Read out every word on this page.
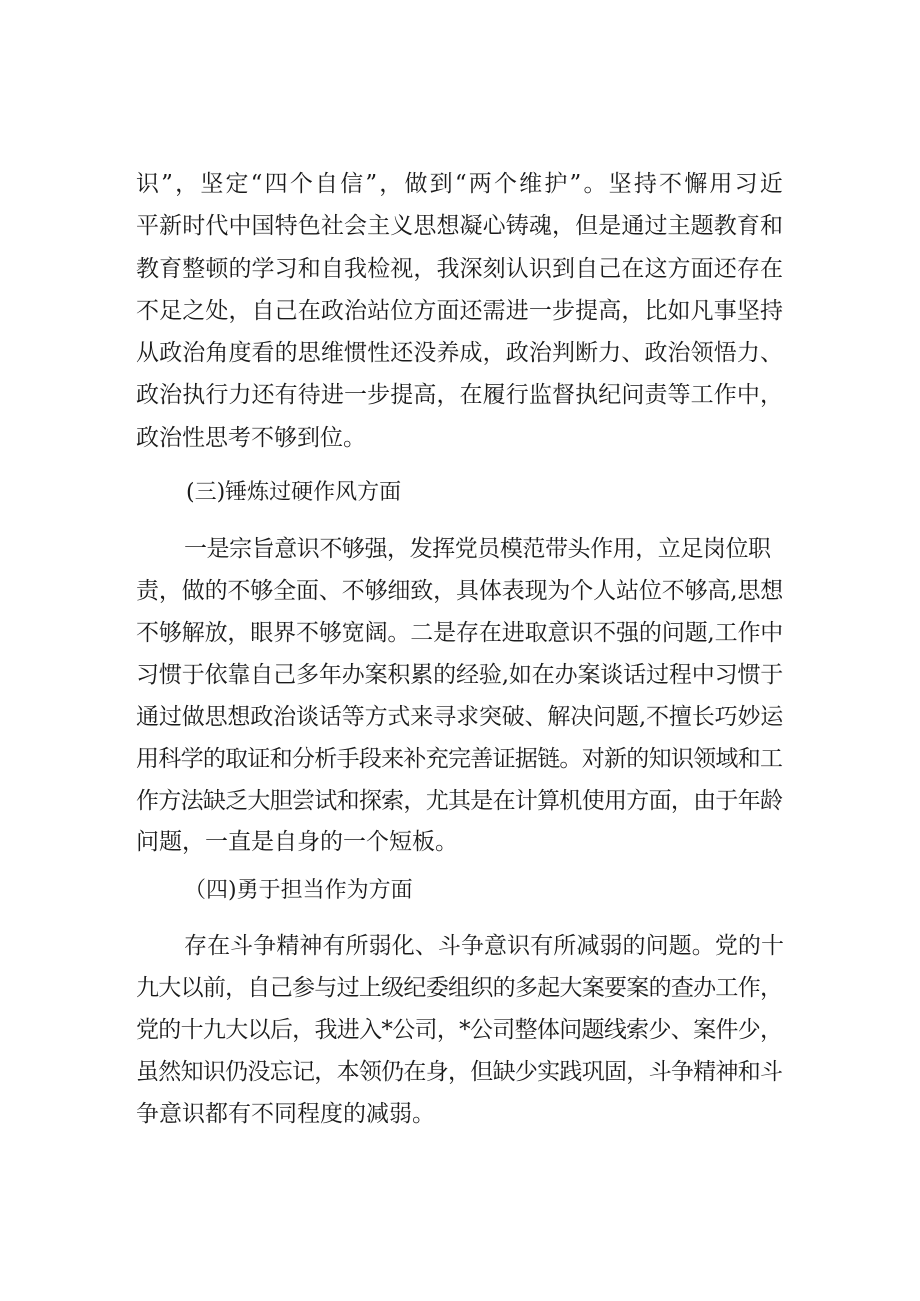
识”，坚定“四个自信”，做到“两个维护”。坚持不懈用习近
平新时代中国特色社会主义思想凝心铸魂，但是通过主题教育和
教育整顿的学习和自我检视，我深刻认识到自己在这方面还存在
不足之处，自己在政治站位方面还需进一步提高，比如凡事坚持
从政治角度看的思维惯性还没养成，政治判断力、政治领悟力、
政治执行力还有待进一步提高，在履行监督执纪问责等工作中，
政治性思考不够到位。
(三)锤炼过硬作风方面
一是宗旨意识不够强，发挥党员模范带头作用，立足岗位职
责，做的不够全面、不够细致，具体表现为个人站位不够高,思想
不够解放，眼界不够宽阔。二是存在进取意识不强的问题,工作中
习惯于依靠自己多年办案积累的经验,如在办案谈话过程中习惯于
通过做思想政治谈话等方式来寻求突破、解决问题,不擅长巧妙运
用科学的取证和分析手段来补充完善证据链。对新的知识领域和工
作方法缺乏大胆尝试和探索，尤其是在计算机使用方面，由于年龄
问题，一直是自身的一个短板。
（四)勇于担当作为方面
存在斗争精神有所弱化、斗争意识有所减弱的问题。党的十
九大以前，自己参与过上级纪委组织的多起大案要案的查办工作，
党的十九大以后，我进入*公司，*公司整体问题线索少、案件少，
虽然知识仍没忘记，本领仍在身，但缺少实践巩固，斗争精神和斗
争意识都有不同程度的减弱。
